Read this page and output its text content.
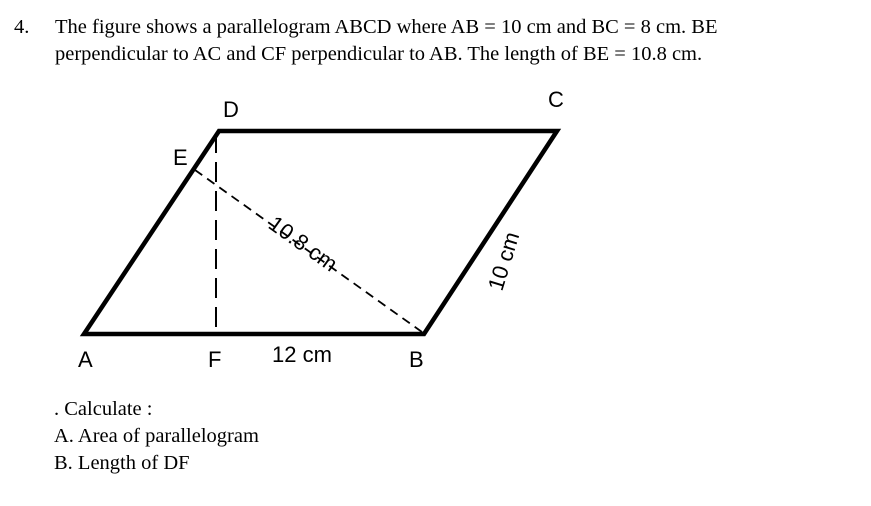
4. The figure shows a parallelogram ABCD where AB = 10 cm and BC = 8 cm. BE
perpendicular to AC and CF perpendicular to AB. The length of BE = 10.8 cm.
A	B
C
D
E
F 12 cm
10.8 cm	10 cm
. Calculate :
A. Area of parallelogram
B. Length of DF
